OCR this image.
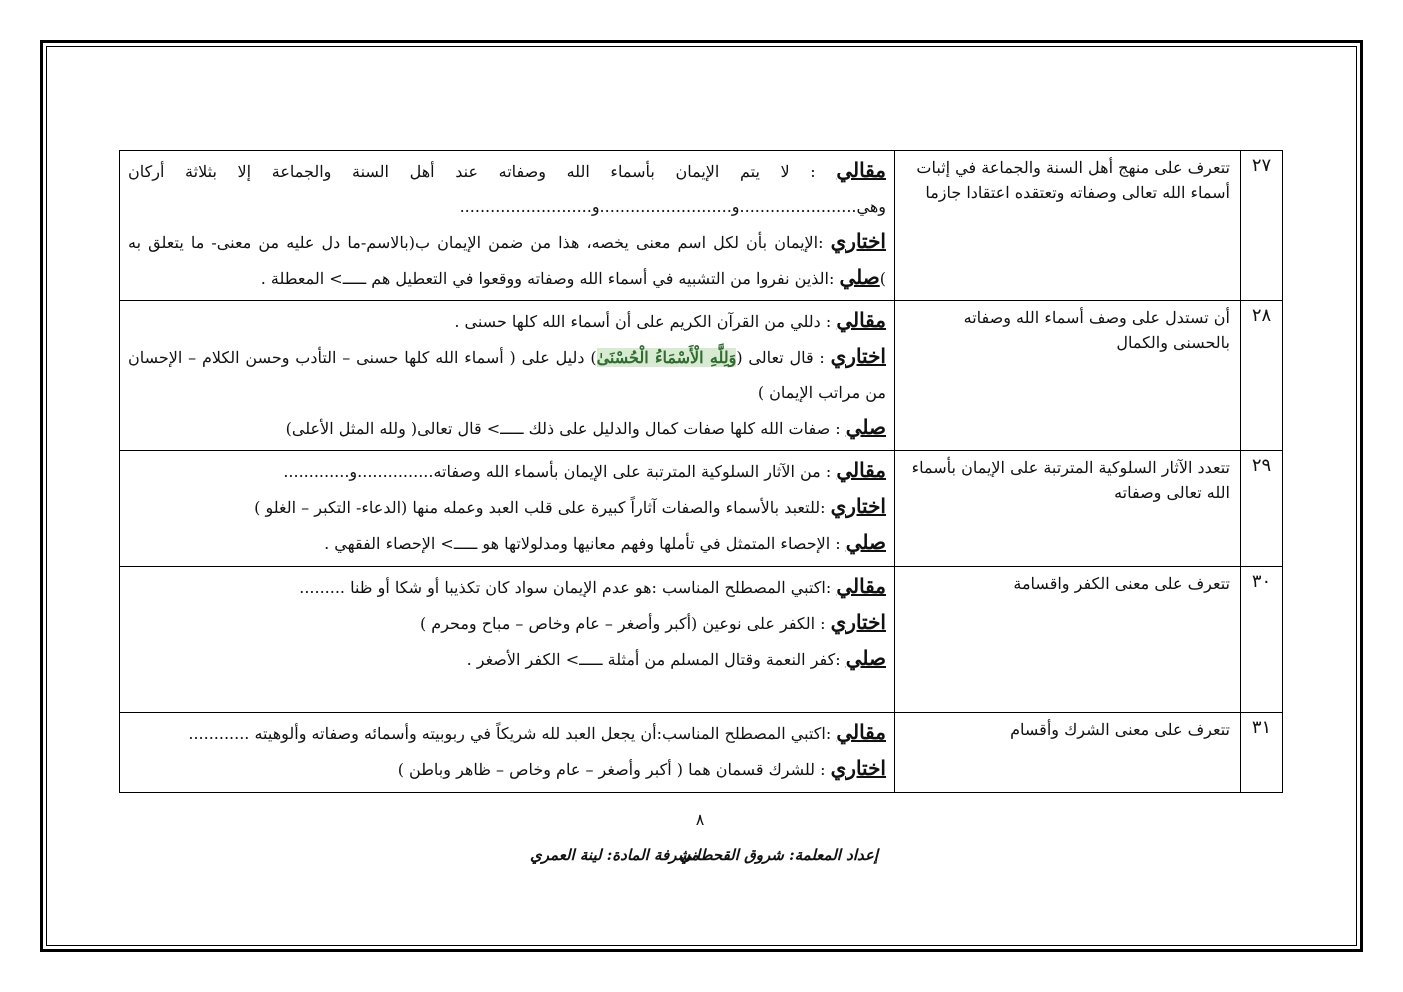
٢٧	تتعرف على منهج أهل السنة والجماعة في إثبات أسماء الله تعالى وصفاته وتعتقده اعتقادا جازما	مقالي : لا يتم الإيمان بأسماء الله وصفاته عند أهل السنة والجماعة إلا بثلاثة أركان وهي.......................و..........................و..........................
اختاري :الإيمان بأن لكل اسم معنى يخصه، هذا من ضمن الإيمان ب(بالاسم-ما دل عليه من معنى- ما يتعلق به )صلي :الذين نفروا من التشبيه في أسماء الله وصفاته ووقعوا في التعطيل هم ـــــ> المعطلة .

٢٨	أن تستدل على وصف أسماء الله وصفاته بالحسنى والكمال	مقالي : دللي من القرآن الكريم على أن أسماء الله كلها حسنى .
اختاري : قال تعالى (وَلِلَّهِ الْأَسْمَاءُ الْحُسْنَىٰ) دليل على ( أسماء الله كلها حسنى – التأدب وحسن الكلام – الإحسان من مراتب الإيمان )
صلي : صفات الله كلها صفات كمال والدليل على ذلك ـــــ> قال تعالى( ولله المثل الأعلى)

٢٩	تتعدد الآثار السلوكية المترتبة على الإيمان بأسماء الله تعالى وصفاته	مقالي : من الآثار السلوكية المترتبة على الإيمان بأسماء الله وصفاته...............و.............
اختاري :للتعبد بالأسماء والصفات آثاراً كبيرة على قلب العبد وعمله منها (الدعاء- التكبر – الغلو )
صلي : الإحصاء المتمثل في تأملها وفهم معانيها ومدلولاتها هو ـــــ> الإحصاء الفقهي .

٣٠	تتعرف على معنى الكفر واقسامة	مقالي :اكتبي المصطلح المناسب :هو عدم الإيمان سواد كان تكذيبا أو شكا أو ظنا .........
اختاري : الكفر على نوعين (أكبر وأصغر – عام وخاص – مباح ومحرم )
صلي :كفر النعمة وقتال المسلم من أمثلة ـــــ> الكفر الأصغر .

٣١	تتعرف على معنى الشرك وأقسام	مقالي :اكتبي المصطلح المناسب:أن يجعل العبد لله شريكاً في ربوبيته وأسمائه وصفاته وألوهيته ............
اختاري : للشرك قسمان هما ( أكبر وأصغر – عام وخاص – ظاهر وباطن )
٨
إعداد المعلمة: شروق القحطاني
مشرفة المادة: لينة العمري
